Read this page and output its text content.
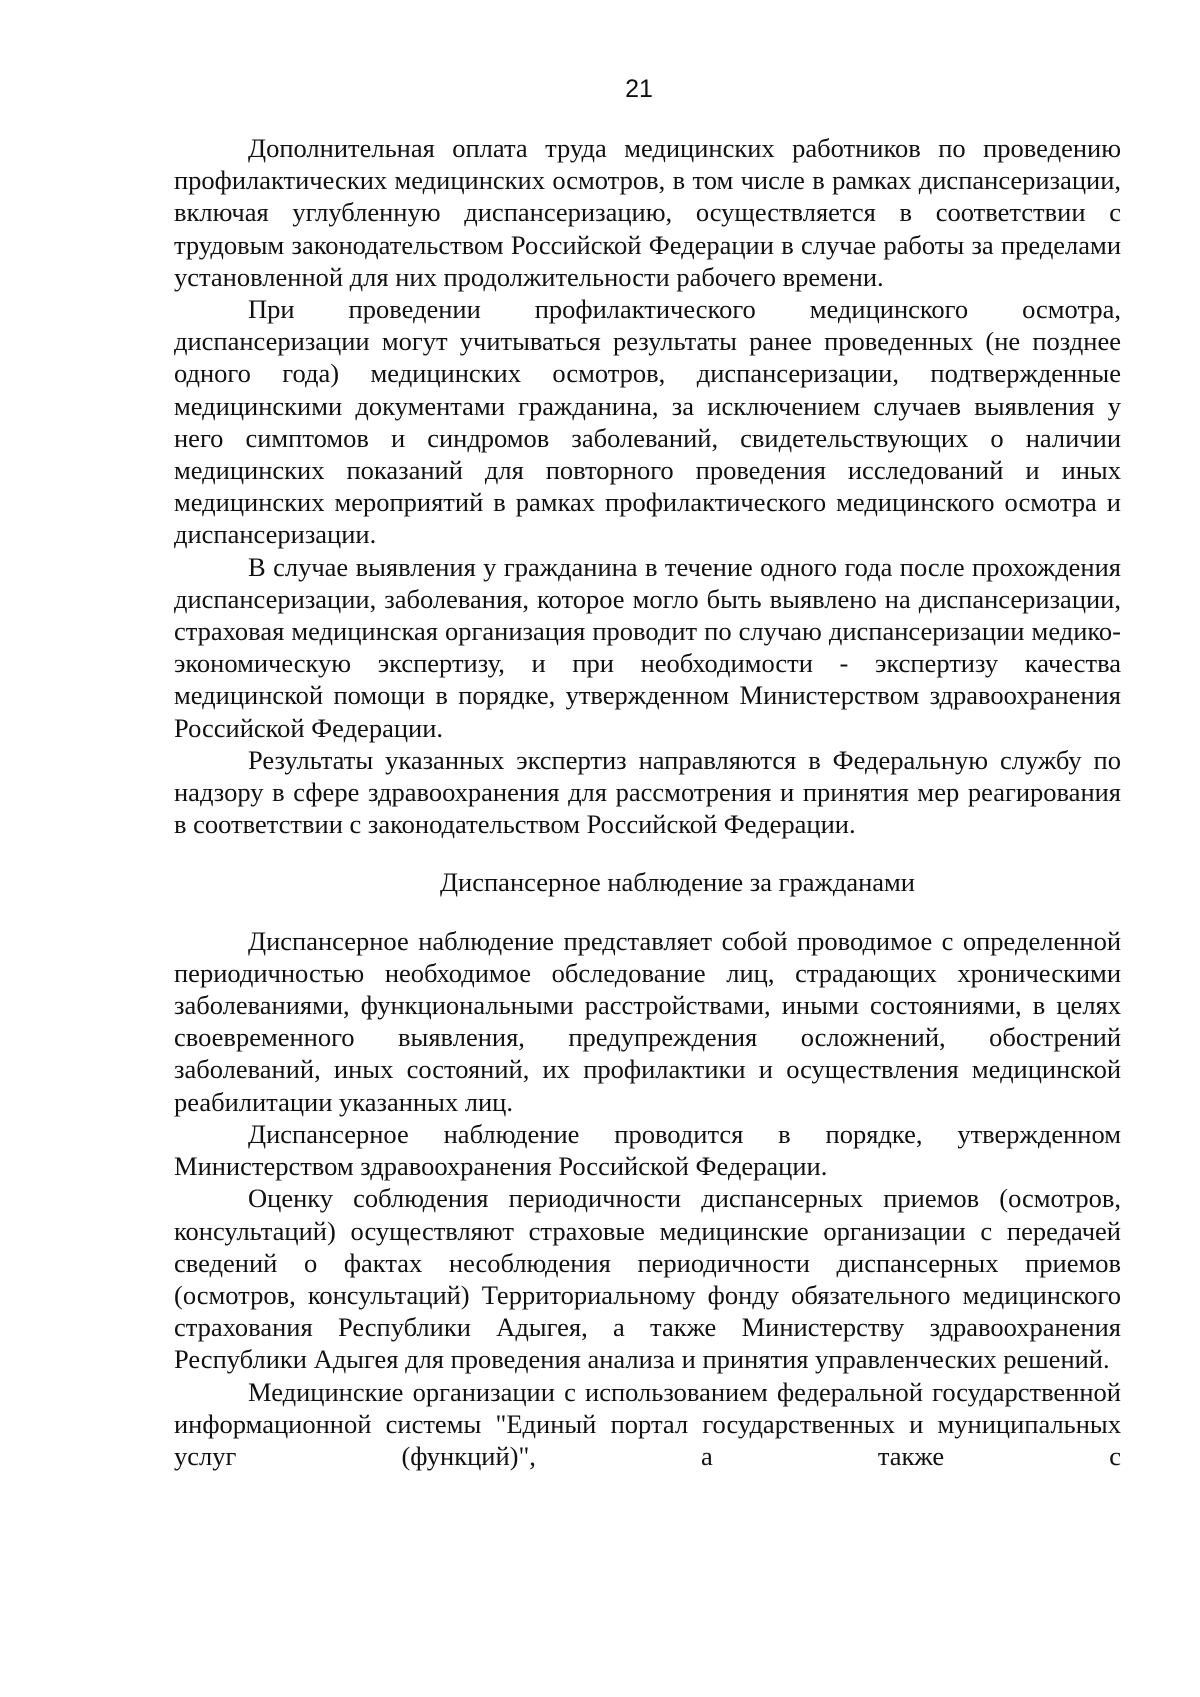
21

Дополнительная оплата труда медицинских работников по проведению профилактических медицинских осмотров, в том числе в рамках диспансеризации, включая углубленную диспансеризацию, осуществляется в соответствии с трудовым законодательством Российской Федерации в случае работы за пределами установленной для них продолжительности рабочего времени.

При проведении профилактического медицинского осмотра, диспансеризации могут учитываться результаты ранее проведенных (не позднее одного года) медицинских осмотров, диспансеризации, подтвержденные медицинскими документами гражданина, за исключением случаев выявления у него симптомов и синдромов заболеваний, свидетельствующих о наличии медицинских показаний для повторного проведения исследований и иных медицинских мероприятий в рамках профилактического медицинского осмотра и диспансеризации.

В случае выявления у гражданина в течение одного года после прохождения диспансеризации, заболевания, которое могло быть выявлено на диспансеризации, страховая медицинская организация проводит по случаю диспансеризации медико-экономическую экспертизу, и при необходимости - экспертизу качества медицинской помощи в порядке, утвержденном Министерством здравоохранения Российской Федерации.

Результаты указанных экспертиз направляются в Федеральную службу по надзору в сфере здравоохранения для рассмотрения и принятия мер реагирования в соответствии с законодательством Российской Федерации.

Диспансерное наблюдение за гражданами

Диспансерное наблюдение представляет собой проводимое с определенной периодичностью необходимое обследование лиц, страдающих хроническими заболеваниями, функциональными расстройствами, иными состояниями, в целях своевременного выявления, предупреждения осложнений, обострений заболеваний, иных состояний, их профилактики и осуществления медицинской реабилитации указанных лиц.

Диспансерное наблюдение проводится в порядке, утвержденном Министерством здравоохранения Российской Федерации.

Оценку соблюдения периодичности диспансерных приемов (осмотров, консультаций) осуществляют страховые медицинские организации с передачей сведений о фактах несоблюдения периодичности диспансерных приемов (осмотров, консультаций) Территориальному фонду обязательного медицинского страхования Республики Адыгея, а также Министерству здравоохранения Республики Адыгея для проведения анализа и принятия управленческих решений.

Медицинские организации с использованием федеральной государственной информационной системы "Единый портал государственных и муниципальных услуг (функций)", а также с
